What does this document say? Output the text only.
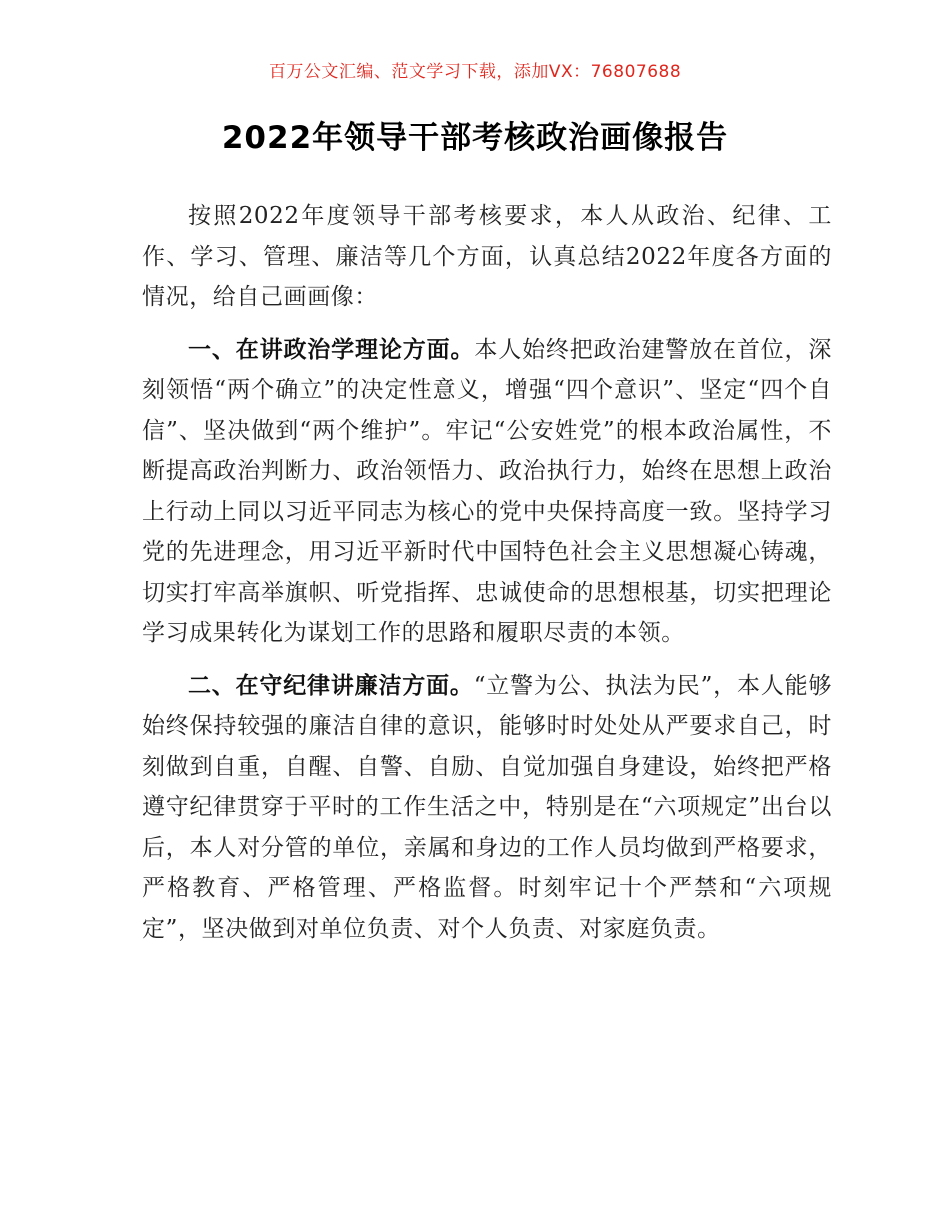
百万公文汇编、范文学习下载，添加VX：76807688
2022年领导干部考核政治画像报告

按照2022年度领导干部考核要求，本人从政治、纪律、工作、学习、管理、廉洁等几个方面，认真总结2022年度各方面的情况，给自己画画像：

一、在讲政治学理论方面。本人始终把政治建警放在首位，深刻领悟“两个确立”的决定性意义，增强“四个意识”、坚定“四个自信”、坚决做到“两个维护”。牢记“公安姓党”的根本政治属性，不断提高政治判断力、政治领悟力、政治执行力，始终在思想上政治上行动上同以习近平同志为核心的党中央保持高度一致。坚持学习党的先进理念，用习近平新时代中国特色社会主义思想凝心铸魂，切实打牢高举旗帜、听党指挥、忠诚使命的思想根基，切实把理论学习成果转化为谋划工作的思路和履职尽责的本领。

二、在守纪律讲廉洁方面。“立警为公、执法为民”，本人能够始终保持较强的廉洁自律的意识，能够时时处处从严要求自己，时刻做到自重，自醒、自警、自励、自觉加强自身建设，始终把严格遵守纪律贯穿于平时的工作生活之中，特别是在“六项规定”出台以后，本人对分管的单位，亲属和身边的工作人员均做到严格要求，严格教育、严格管理、严格监督。时刻牢记十个严禁和“六项规定”，坚决做到对单位负责、对个人负责、对家庭负责。
